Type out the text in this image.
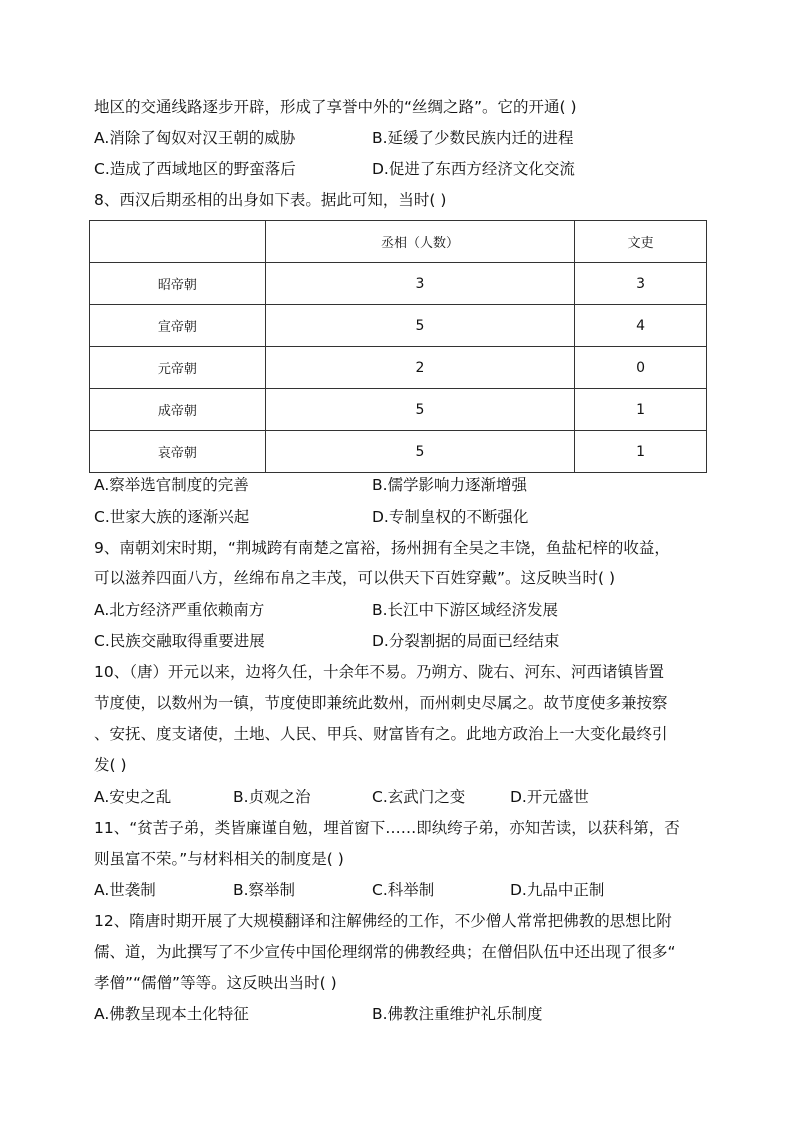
地区的交通线路逐步开辟，形成了享誉中外的“丝绸之路”。它的开通( )
A.消除了匈奴对汉王朝的威胁	B.延缓了少数民族内迁的进程
C.造成了西域地区的野蛮落后	D.促进了东西方经济文化交流
8、西汉后期丞相的出身如下表。据此可知，当时( )
	丞相（人数）	文吏
昭帝朝	3	3
宣帝朝	5	4
元帝朝	2	0
成帝朝	5	1
哀帝朝	5	1
A.察举选官制度的完善	B.儒学影响力逐渐增强
C.世家大族的逐渐兴起	D.专制皇权的不断强化
9、南朝刘宋时期，“荆城跨有南楚之富裕，扬州拥有全吴之丰饶，鱼盐杞梓的收益，
可以滋养四面八方，丝绵布帛之丰茂，可以供天下百姓穿戴”。这反映当时( )
A.北方经济严重依赖南方	B.长江中下游区域经济发展
C.民族交融取得重要进展	D.分裂割据的局面已经结束
10、（唐）开元以来，边将久任，十余年不易。乃朔方、陇右、河东、河西诸镇皆置
节度使，以数州为一镇，节度使即兼统此数州，而州刺史尽属之。故节度使多兼按察
、安抚、度支诸使，土地、人民、甲兵、财富皆有之。此地方政治上一大变化最终引
发( )
A.安史之乱	B.贞观之治	C.玄武门之变	D.开元盛世
11、“贫苦子弟，类皆廉谨自勉，埋首窗下……即纨绔子弟，亦知苦读，以获科第，否
则虽富不荣。”与材料相关的制度是( )
A.世袭制	B.察举制	C.科举制	D.九品中正制
12、隋唐时期开展了大规模翻译和注解佛经的工作，不少僧人常常把佛教的思想比附
儒、道，为此撰写了不少宣传中国伦理纲常的佛教经典；在僧侣队伍中还出现了很多“
孝僧”“儒僧”等等。这反映出当时( )
A.佛教呈现本土化特征	B.佛教注重维护礼乐制度
